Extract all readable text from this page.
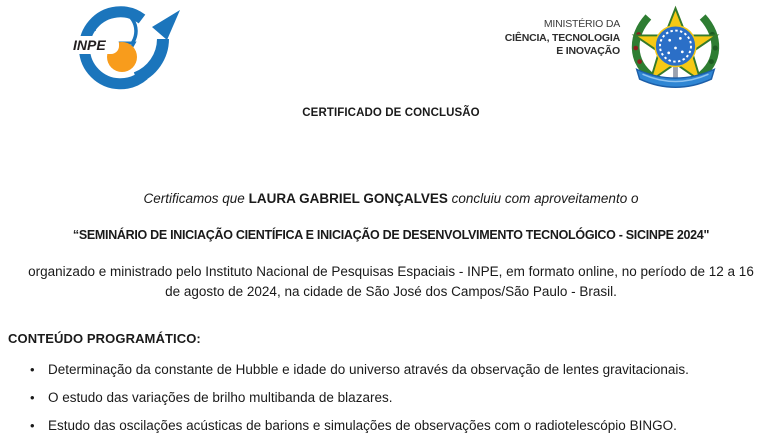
INPE
MINISTÉRIO DA
CIÊNCIA, TECNOLOGIA
E INOVAÇÃO
CERTIFICADO DE CONCLUSÃO

Certificamos que LAURA GABRIEL GONÇALVES concluiu com aproveitamento o

“SEMINÁRIO DE INICIAÇÃO CIENTÍFICA E INICIAÇÃO DE DESENVOLVIMENTO TECNOLÓGICO - SICINPE 2024"

organizado e ministrado pelo Instituto Nacional de Pesquisas Espaciais - INPE, em formato online, no período de 12 a 16
de agosto de 2024, na cidade de São José dos Campos/São Paulo - Brasil.

CONTEÚDO PROGRAMÁTICO:
• Determinação da constante de Hubble e idade do universo através da observação de lentes gravitacionais.
• O estudo das variações de brilho multibanda de blazares.
• Estudo das oscilações acústicas de barions e simulações de observações com o radiotelescópio BINGO.
